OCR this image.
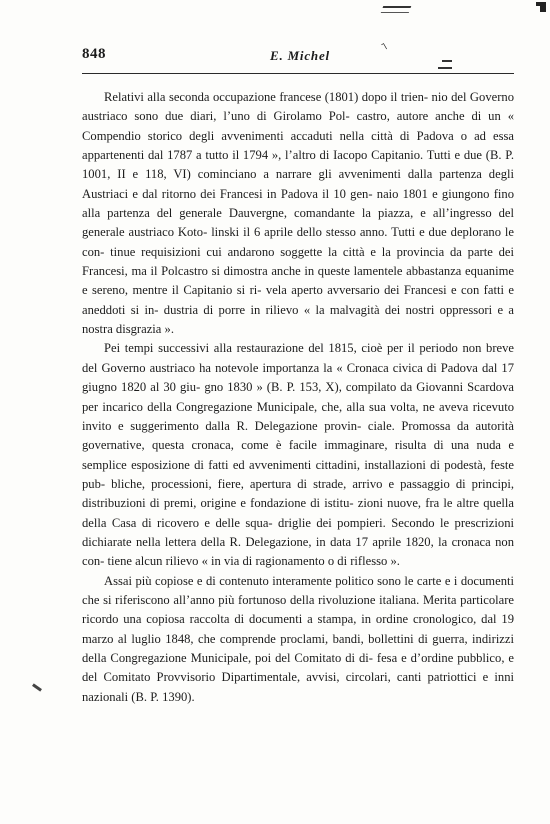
848	E. Michel
˥

Relativi alla seconda occupazione francese (1801) dopo il trien- nio del Governo austriaco sono due diari, l’uno di Girolamo Pol- castro, autore anche di un « Compendio storico degli avvenimenti accaduti nella città di Padova o ad essa appartenenti dal 1787 a tutto il 1794 », l’altro di Iacopo Capitanio. Tutti e due (B. P. 1001, II e 118, VI) cominciano a narrare gli avvenimenti dalla partenza degli Austriaci e dal ritorno dei Francesi in Padova il 10 gen- naio 1801 e giungono fino alla partenza del generale Dauvergne, comandante la piazza, e all’ingresso del generale austriaco Koto- linski il 6 aprile dello stesso anno. Tutti e due deplorano le con- tinue requisizioni cui andarono soggette la città e la provincia da parte dei Francesi, ma il Polcastro si dimostra anche in queste lamentele abbastanza equanime e sereno, mentre il Capitanio si ri- vela aperto avversario dei Francesi e con fatti e aneddoti si in- dustria di porre in rilievo « la malvagità dei nostri oppressori e a nostra disgrazia ».

Pei tempi successivi alla restaurazione del 1815, cioè per il periodo non breve del Governo austriaco ha notevole importanza la « Cronaca civica di Padova dal 17 giugno 1820 al 30 giu- gno 1830 » (B. P. 153, X), compilato da Giovanni Scardova per incarico della Congregazione Municipale, che, alla sua volta, ne aveva ricevuto invito e suggerimento dalla R. Delegazione provin- ciale. Promossa da autorità governative, questa cronaca, come è facile immaginare, risulta di una nuda e semplice esposizione di fatti ed avvenimenti cittadini, installazioni di podestà, feste pub- bliche, processioni, fiere, apertura di strade, arrivo e passaggio di principi, distribuzioni di premi, origine e fondazione di istitu- zioni nuove, fra le altre quella della Casa di ricovero e delle squa- driglie dei pompieri. Secondo le prescrizioni dichiarate nella lettera della R. Delegazione, in data 17 aprile 1820, la cronaca non con- tiene alcun rilievo « in via di ragionamento o di riflesso ».

Assai più copiose e di contenuto interamente politico sono le carte e i documenti che si riferiscono all’anno più fortunoso della rivoluzione italiana. Merita particolare ricordo una copiosa raccolta di documenti a stampa, in ordine cronologico, dal 19 marzo al luglio 1848, che comprende proclami, bandi, bollettini di guerra, indirizzi della Congregazione Municipale, poi del Comitato di di- fesa e d’ordine pubblico, e del Comitato Provvisorio Dipartimentale, avvisi, circolari, canti patriottici e inni nazionali (B. P. 1390).
